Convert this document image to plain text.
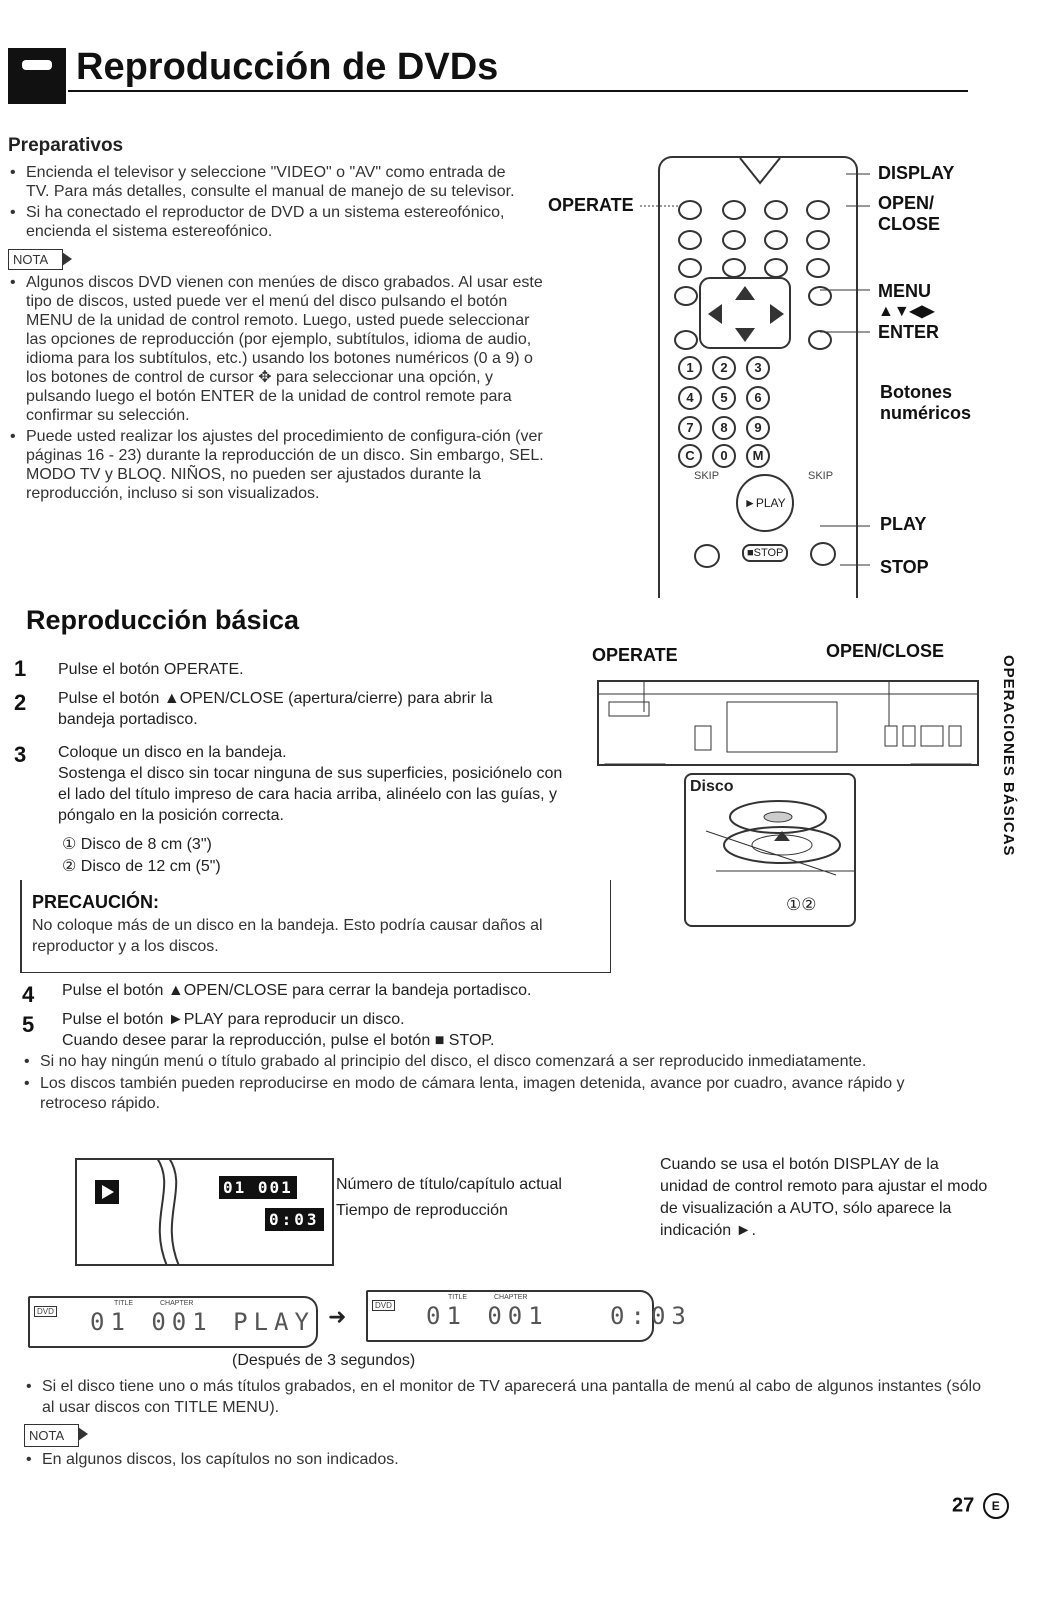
Reproducción de DVDs
Preparativos
• Encienda el televisor y seleccione "VIDEO" o "AV" como entrada de TV. Para más detalles, consulte el manual de manejo de su televisor.
• Si ha conectado el reproductor de DVD a un sistema estereofónico, encienda el sistema estereofónico.
NOTA
• Algunos discos DVD vienen con menúes de disco grabados. Al usar este tipo de discos, usted puede ver el menú del disco pulsando el botón MENU de la unidad de control remoto. Luego, usted puede seleccionar las opciones de reproducción (por ejemplo, subtítulos, idioma de audio, idioma para los subtítulos, etc.) usando los botones numéricos (0 a 9) o los botones de control de cursor ✥ para seleccionar una opción, y pulsando luego el botón ENTER de la unidad de control remote para confirmar su selección.
• Puede usted realizar los ajustes del procedimiento de configura-ción (ver páginas 16 - 23) durante la reproducción de un disco. Sin embargo, SEL. MODO TV y BLOQ. NIÑOS, no pueden ser ajustados durante la reproducción, incluso si son visualizados.
1	2	3
4	5	6
7	8	9
C	0	M
SKIP	SKIP
►PLAY
■STOP
OPERATE
DISPLAY
OPEN/ CLOSE
MENU
▲▼◀▶
ENTER
Botones numéricos
PLAY
STOP
Reproducción básica
1 Pulse el botón OPERATE.
2 Pulse el botón ▲OPEN/CLOSE (apertura/cierre) para abrir la bandeja portadisco.
3 Coloque un disco en la bandeja.
Sostenga el disco sin tocar ninguna de sus superficies, posiciónelo con el lado del título impreso de cara hacia arriba, alinéelo con las guías, y póngalo en la posición correcta.
① Disco de 8 cm (3")
② Disco de 12 cm (5")
PRECAUCIÓN:
No coloque más de un disco en la bandeja. Esto podría causar daños al reproductor y a los discos.
4 Pulse el botón ▲OPEN/CLOSE para cerrar la bandeja portadisco.
5 Pulse el botón ►PLAY para reproducir un disco.
Cuando desee parar la reproducción, pulse el botón ■ STOP.
• Si no hay ningún menú o título grabado al principio del disco, el disco comenzará a ser reproducido inmediatamente.
• Los discos también pueden reproducirse en modo de cámara lenta, imagen detenida, avance por cuadro, avance rápido y retroceso rápido.
OPERATE	OPEN/CLOSE
Disco
①②
01 001
0:03
Número de título/capítulo actual
Tiempo de reproducción
Cuando se usa el botón DISPLAY de la unidad de control remoto para ajustar el modo de visualización a AUTO, sólo aparece la indicación ►.
DVD
TITLE	CHAPTER
01 001 PLAY ➜	DVD
TITLE	CHAPTER
01 001   0:03
(Después de 3 segundos)
• Si el disco tiene uno o más títulos grabados, en el monitor de TV aparecerá una pantalla de menú al cabo de algunos instantes (sólo al usar discos con TITLE MENU).
NOTA
• En algunos discos, los capítulos no son indicados.
OPERACIONES BÁSICAS
27 E
